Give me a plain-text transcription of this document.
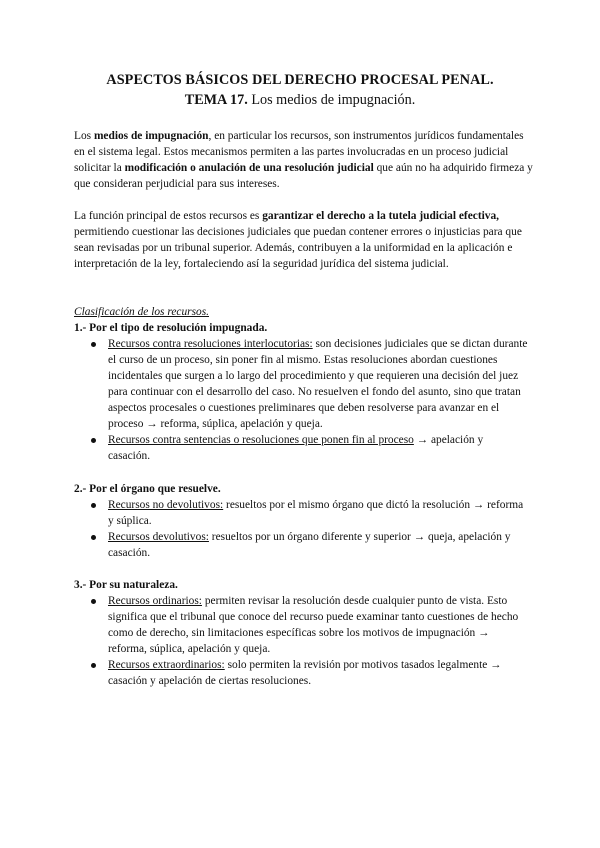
ASPECTOS BÁSICOS DEL DERECHO PROCESAL PENAL.
TEMA 17. Los medios de impugnación.

Los medios de impugnación, en particular los recursos, son instrumentos jurídicos fundamentales en el sistema legal. Estos mecanismos permiten a las partes involucradas en un proceso judicial solicitar la modificación o anulación de una resolución judicial que aún no ha adquirido firmeza y que consideran perjudicial para sus intereses.

La función principal de estos recursos es garantizar el derecho a la tutela judicial efectiva, permitiendo cuestionar las decisiones judiciales que puedan contener errores o injusticias para que sean revisadas por un tribunal superior. Además, contribuyen a la uniformidad en la aplicación e interpretación de la ley, fortaleciendo así la seguridad jurídica del sistema judicial.

Clasificación de los recursos.

1.- Por el tipo de resolución impugnada.

Recursos contra resoluciones interlocutorias: son decisiones judiciales que se dictan durante el curso de un proceso, sin poner fin al mismo. Estas resoluciones abordan cuestiones incidentales que surgen a lo largo del procedimiento y que requieren una decisión del juez para continuar con el desarrollo del caso. No resuelven el fondo del asunto, sino que tratan aspectos procesales o cuestiones preliminares que deben resolverse para avanzar en el proceso → reforma, súplica, apelación y queja.
Recursos contra sentencias o resoluciones que ponen fin al proceso → apelación y casación.

2.- Por el órgano que resuelve.

Recursos no devolutivos: resueltos por el mismo órgano que dictó la resolución → reforma y súplica.
Recursos devolutivos: resueltos por un órgano diferente y superior → queja, apelación y casación.

3.- Por su naturaleza.

Recursos ordinarios: permiten revisar la resolución desde cualquier punto de vista. Esto significa que el tribunal que conoce del recurso puede examinar tanto cuestiones de hecho como de derecho, sin limitaciones específicas sobre los motivos de impugnación → reforma, súplica, apelación y queja.
Recursos extraordinarios: solo permiten la revisión por motivos tasados legalmente → casación y apelación de ciertas resoluciones.
